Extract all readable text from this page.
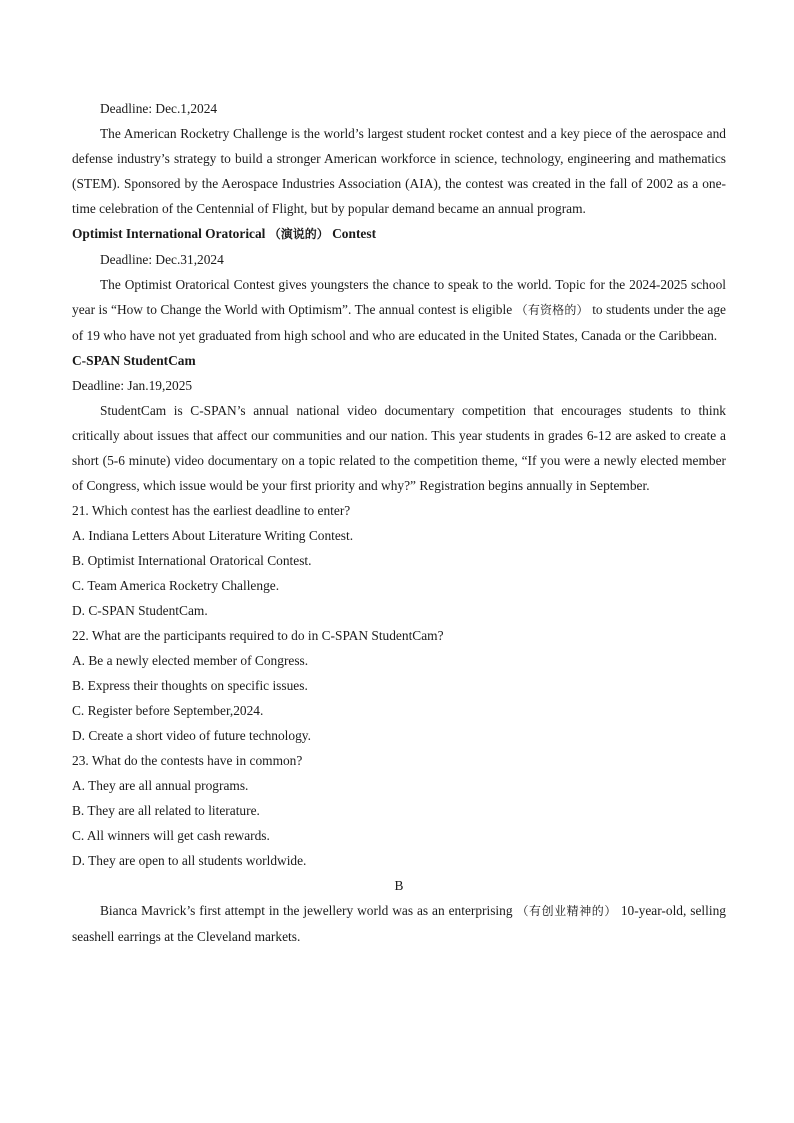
Deadline: Dec.1,2024

The American Rocketry Challenge is the world’s largest student rocket contest and a key piece of the aerospace and defense industry’s strategy to build a stronger American workforce in science, technology, engineering and mathematics (STEM). Sponsored by the Aerospace Industries Association (AIA), the contest was created in the fall of 2002 as a one-time celebration of the Centennial of Flight, but by popular demand became an annual program.

Optimist International Oratorical （演说的） Contest

Deadline: Dec.31,2024

The Optimist Oratorical Contest gives youngsters the chance to speak to the world. Topic for the 2024-2025 school year is “How to Change the World with Optimism”. The annual contest is eligible （有资格的） to students under the age of 19 who have not yet graduated from high school and who are educated in the United States, Canada or the Caribbean.

C-SPAN StudentCam

Deadline: Jan.19,2025

StudentCam is C-SPAN’s annual national video documentary competition that encourages students to think critically about issues that affect our communities and our nation. This year students in grades 6-12 are asked to create a short (5-6 minute) video documentary on a topic related to the competition theme, “If you were a newly elected member of Congress, which issue would be your first priority and why?” Registration begins annually in September.

21. Which contest has the earliest deadline to enter?

A. Indiana Letters About Literature Writing Contest.

B. Optimist International Oratorical Contest.

C. Team America Rocketry Challenge.

D. C-SPAN StudentCam.

22. What are the participants required to do in C-SPAN StudentCam?

A. Be a newly elected member of Congress.

B. Express their thoughts on specific issues.

C. Register before September,2024.

D. Create a short video of future technology.

23. What do the contests have in common?

A. They are all annual programs.

B. They are all related to literature.

C. All winners will get cash rewards.

D. They are open to all students worldwide.

B

Bianca Mavrick’s first attempt in the jewellery world was as an enterprising （有创业精神的） 10-year-old, selling seashell earrings at the Cleveland markets.
